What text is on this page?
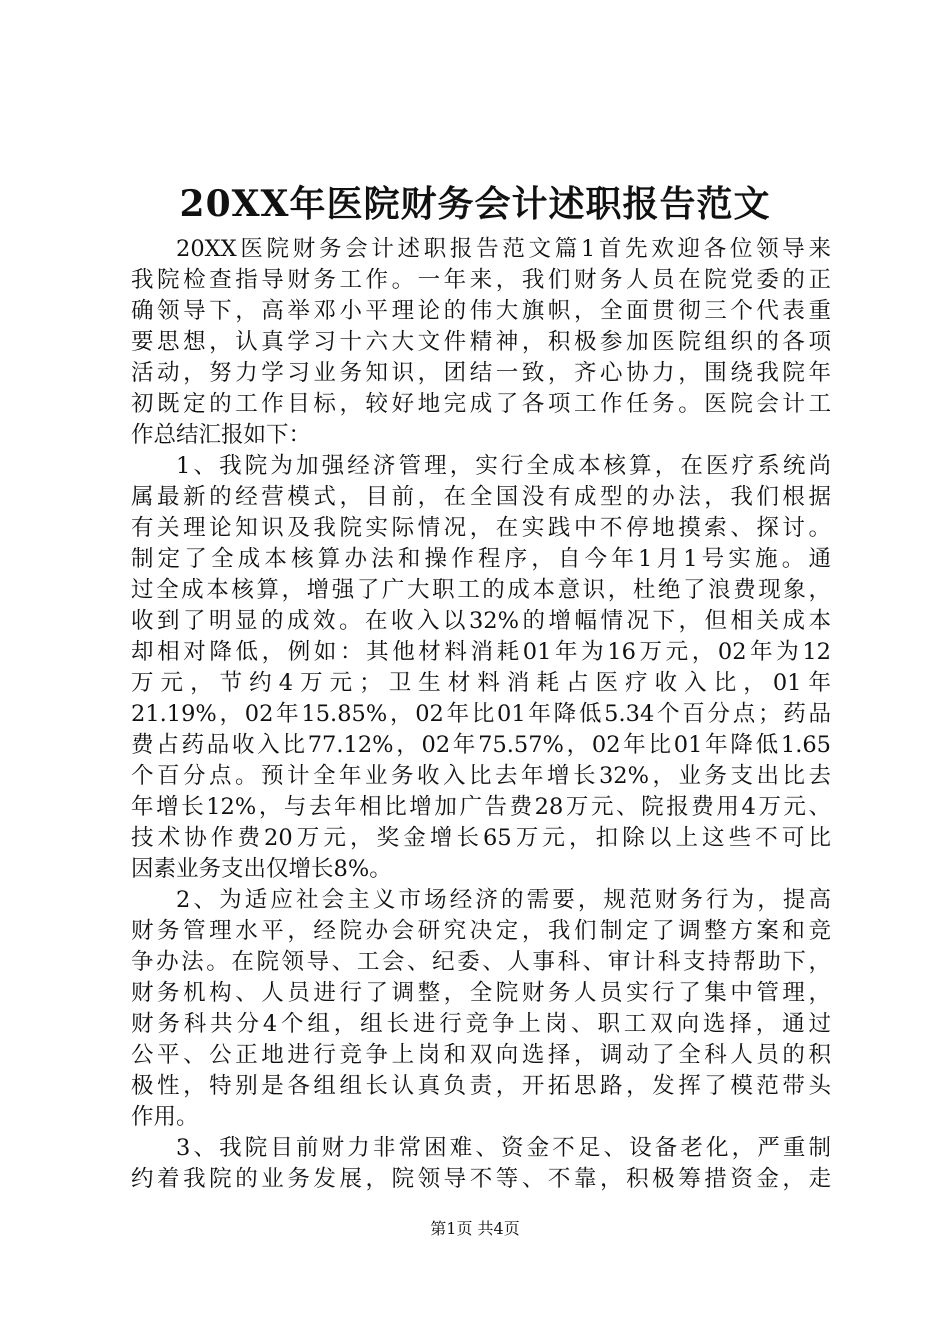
20XX年医院财务会计述职报告范文
20XX医院财务会计述职报告范文篇1首先欢迎各位领导来
我院检查指导财务工作。一年来，我们财务人员在院党委的正
确领导下，高举邓小平理论的伟大旗帜，全面贯彻三个代表重
要思想，认真学习十六大文件精神，积极参加医院组织的各项
活动，努力学习业务知识，团结一致，齐心协力，围绕我院年
初既定的工作目标，较好地完成了各项工作任务。医院会计工
作总结汇报如下：
1、我院为加强经济管理，实行全成本核算，在医疗系统尚
属最新的经营模式，目前，在全国没有成型的办法，我们根据
有关理论知识及我院实际情况，在实践中不停地摸索、探讨。
制定了全成本核算办法和操作程序，自今年1月1号实施。通
过全成本核算，增强了广大职工的成本意识，杜绝了浪费现象，
收到了明显的成效。在收入以32%的增幅情况下，但相关成本
却相对降低，例如：其他材料消耗01年为16万元，02年为12
万元，节约4万元；卫生材料消耗占医疗收入比，01年
21.19%，02年15.85%，02年比01年降低5.34个百分点；药品
费占药品收入比77.12%，02年75.57%，02年比01年降低1.65
个百分点。预计全年业务收入比去年增长32%，业务支出比去
年增长12%，与去年相比增加广告费28万元、院报费用4万元、
技术协作费20万元，奖金增长65万元，扣除以上这些不可比
因素业务支出仅增长8%。
2、为适应社会主义市场经济的需要，规范财务行为，提高
财务管理水平，经院办会研究决定，我们制定了调整方案和竞
争办法。在院领导、工会、纪委、人事科、审计科支持帮助下，
财务机构、人员进行了调整，全院财务人员实行了集中管理，
财务科共分4个组，组长进行竞争上岗、职工双向选择，通过
公平、公正地进行竞争上岗和双向选择，调动了全科人员的积
极性，特别是各组组长认真负责，开拓思路，发挥了模范带头
作用。
3、我院目前财力非常困难、资金不足、设备老化，严重制
约着我院的业务发展，院领导不等、不靠，积极筹措资金，走
第1页 共4页
